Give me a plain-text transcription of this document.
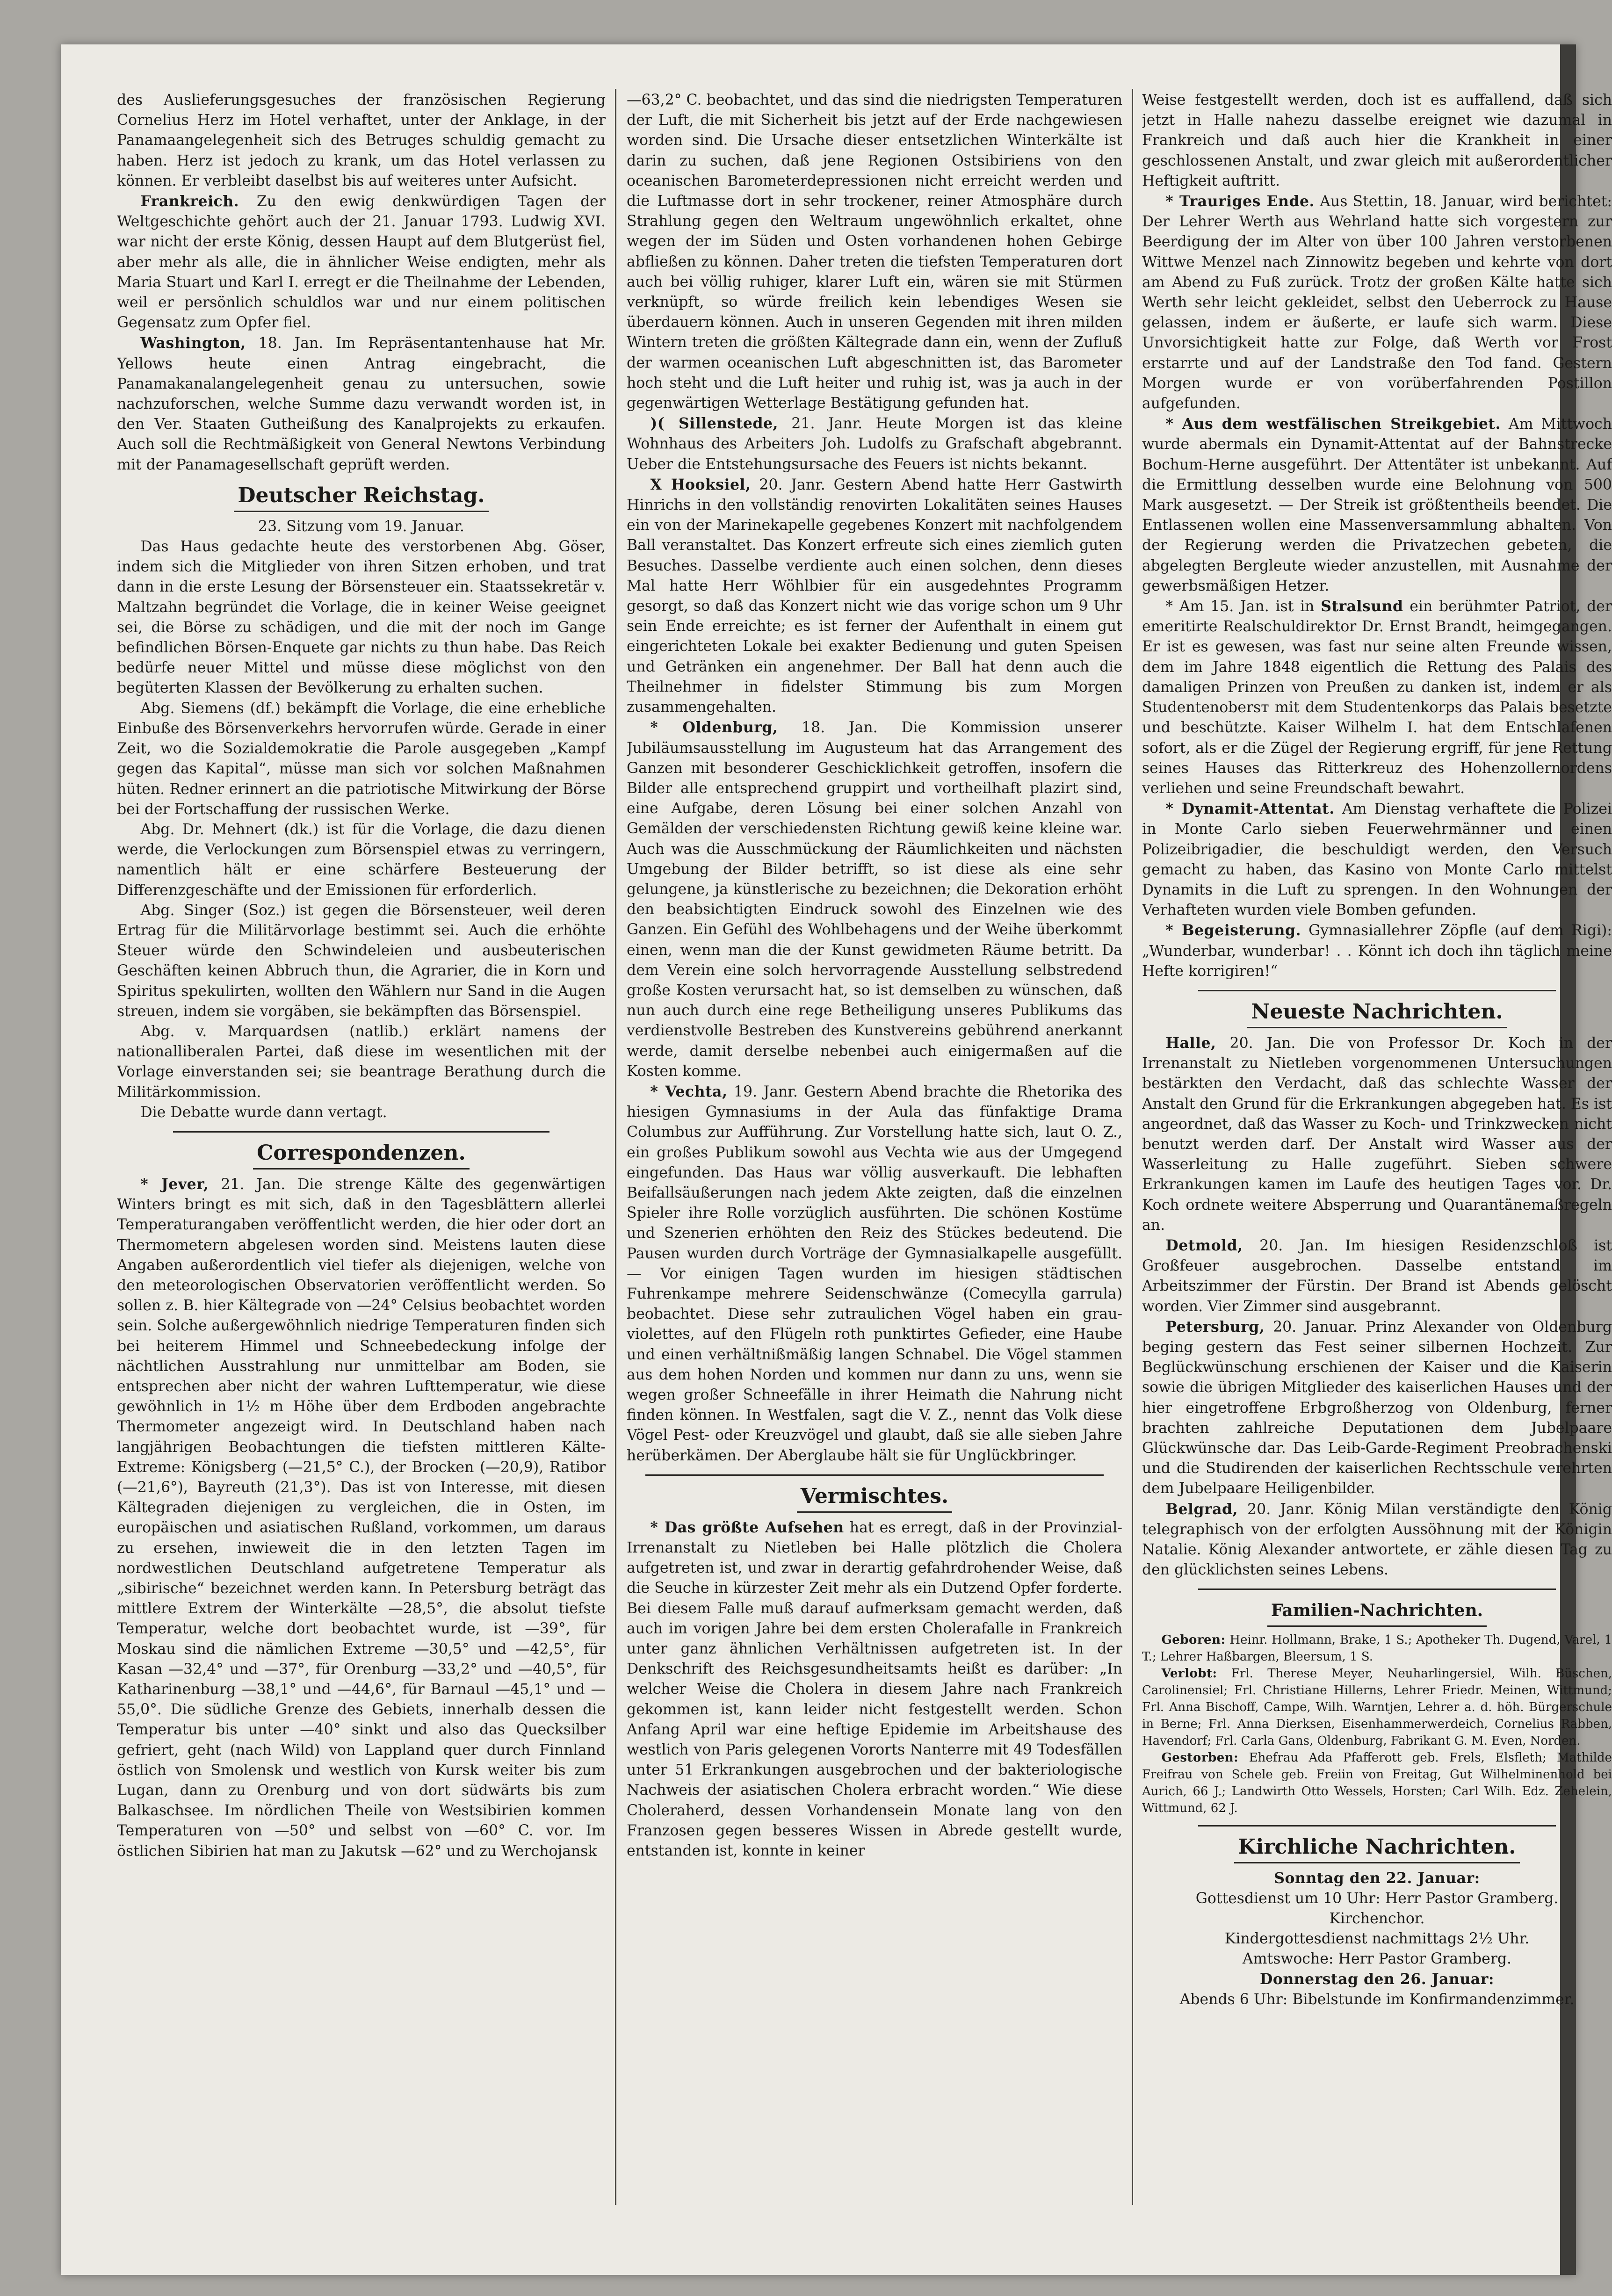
des Auslieferungsgesuches der französischen Regierung Cornelius Herz im Hotel verhaftet, unter der Anklage, in der Panamaangelegenheit sich des Betruges schuldig gemacht zu haben. Herz ist jedoch zu krank, um das Hotel verlassen zu können. Er verbleibt daselbst bis auf weiteres unter Aufsicht.

Frankreich. Zu den ewig denkwürdigen Tagen der Weltgeschichte gehört auch der 21. Januar 1793. Ludwig XVI. war nicht der erste König, dessen Haupt auf dem Blutgerüst fiel, aber mehr als alle, die in ähnlicher Weise endigten, mehr als Maria Stuart und Karl I. erregt er die Theilnahme der Lebenden, weil er persönlich schuldlos war und nur einem politischen Gegensatz zum Opfer fiel.

Washington, 18. Jan. Im Repräsentantenhause hat Mr. Yellows heute einen Antrag eingebracht, die Panamakanalangelegenheit genau zu untersuchen, sowie nachzuforschen, welche Summe dazu verwandt worden ist, in den Ver. Staaten Gutheißung des Kanalprojekts zu erkaufen. Auch soll die Rechtmäßigkeit von General Newtons Verbindung mit der Panamagesellschaft geprüft werden.

Deutscher Reichstag.

23. Sitzung vom 19. Januar.

Das Haus gedachte heute des verstorbenen Abg. Göser, indem sich die Mitglieder von ihren Sitzen erhoben, und trat dann in die erste Lesung der Börsensteuer ein. Staatssekretär v. Maltzahn begründet die Vorlage, die in keiner Weise geeignet sei, die Börse zu schädigen, und die mit der noch im Gange befindlichen Börsen-Enquete gar nichts zu thun habe. Das Reich bedürfe neuer Mittel und müsse diese möglichst von den begüterten Klassen der Bevölkerung zu erhalten suchen.

Abg. Siemens (df.) bekämpft die Vorlage, die eine erhebliche Einbuße des Börsenverkehrs hervorrufen würde. Gerade in einer Zeit, wo die Sozialdemokratie die Parole ausgegeben „Kampf gegen das Kapital“, müsse man sich vor solchen Maßnahmen hüten. Redner erinnert an die patriotische Mitwirkung der Börse bei der Fortschaffung der russischen Werke.

Abg. Dr. Mehnert (dk.) ist für die Vorlage, die dazu dienen werde, die Verlockungen zum Börsenspiel etwas zu verringern, namentlich hält er eine schärfere Besteuerung der Differenzgeschäfte und der Emissionen für erforderlich.

Abg. Singer (Soz.) ist gegen die Börsensteuer, weil deren Ertrag für die Militärvorlage bestimmt sei. Auch die erhöhte Steuer würde den Schwindeleien und ausbeuterischen Geschäften keinen Abbruch thun, die Agrarier, die in Korn und Spiritus spekulirten, wollten den Wählern nur Sand in die Augen streuen, indem sie vorgäben, sie bekämpften das Börsenspiel.

Abg. v. Marquardsen (natlib.) erklärt namens der nationalliberalen Partei, daß diese im wesentlichen mit der Vorlage einverstanden sei; sie beantrage Berathung durch die Militärkommission.

Die Debatte wurde dann vertagt.

Correspondenzen.

* Jever, 21. Jan. Die strenge Kälte des gegenwärtigen Winters bringt es mit sich, daß in den Tagesblättern allerlei Temperaturangaben veröffentlicht werden, die hier oder dort an Thermometern abgelesen worden sind. Meistens lauten diese Angaben außerordentlich viel tiefer als diejenigen, welche von den meteorologischen Observatorien veröffentlicht werden. So sollen z. B. hier Kältegrade von —24° Celsius beobachtet worden sein. Solche außergewöhnlich niedrige Temperaturen finden sich bei heiterem Himmel und Schneebedeckung infolge der nächtlichen Ausstrahlung nur unmittelbar am Boden, sie entsprechen aber nicht der wahren Lufttemperatur, wie diese gewöhnlich in 1½ m Höhe über dem Erdboden angebrachte Thermometer angezeigt wird. In Deutschland haben nach langjährigen Beobachtungen die tiefsten mittleren Kälte-Extreme: Königsberg (—21,5° C.), der Brocken (—20,9), Ratibor (—21,6°), Bayreuth (21,3°). Das ist von Interesse, mit diesen Kältegraden diejenigen zu vergleichen, die in Osten, im europäischen und asiatischen Rußland, vorkommen, um daraus zu ersehen, inwieweit die in den letzten Tagen im nordwestlichen Deutschland aufgetretene Temperatur als „sibirische“ bezeichnet werden kann. In Petersburg beträgt das mittlere Extrem der Winterkälte —28,5°, die absolut tiefste Temperatur, welche dort beobachtet wurde, ist —39°, für Moskau sind die nämlichen Extreme —30,5° und —42,5°, für Kasan —32,4° und —37°, für Orenburg —33,2° und —40,5°, für Katharinenburg —38,1° und —44,6°, für Barnaul —45,1° und —55,0°. Die südliche Grenze des Gebiets, innerhalb dessen die Temperatur bis unter —40° sinkt und also das Quecksilber gefriert, geht (nach Wild) von Lappland quer durch Finnland östlich von Smolensk und westlich von Kursk weiter bis zum Lugan, dann zu Orenburg und von dort südwärts bis zum Balkaschsee. Im nördlichen Theile von Westsibirien kommen Temperaturen von —50° und selbst von —60° C. vor. Im östlichen Sibirien hat man zu Jakutsk —62° und zu Werchojansk

—63,2° C. beobachtet, und das sind die niedrigsten Temperaturen der Luft, die mit Sicherheit bis jetzt auf der Erde nachgewiesen worden sind. Die Ursache dieser entsetzlichen Winterkälte ist darin zu suchen, daß jene Regionen Ostsibiriens von den oceanischen Barometerdepressionen nicht erreicht werden und die Luftmasse dort in sehr trockener, reiner Atmosphäre durch Strahlung gegen den Weltraum ungewöhnlich erkaltet, ohne wegen der im Süden und Osten vorhandenen hohen Gebirge abfließen zu können. Daher treten die tiefsten Temperaturen dort auch bei völlig ruhiger, klarer Luft ein, wären sie mit Stürmen verknüpft, so würde freilich kein lebendiges Wesen sie überdauern können. Auch in unseren Gegenden mit ihren milden Wintern treten die größten Kältegrade dann ein, wenn der Zufluß der warmen oceanischen Luft abgeschnitten ist, das Barometer hoch steht und die Luft heiter und ruhig ist, was ja auch in der gegenwärtigen Wetterlage Bestätigung gefunden hat.

)( Sillenstede, 21. Janr. Heute Morgen ist das kleine Wohnhaus des Arbeiters Joh. Ludolfs zu Grafschaft abgebrannt. Ueber die Entstehungsursache des Feuers ist nichts bekannt.

X Hooksiel, 20. Janr. Gestern Abend hatte Herr Gastwirth Hinrichs in den vollständig renovirten Lokalitäten seines Hauses ein von der Marinekapelle gegebenes Konzert mit nachfolgendem Ball veranstaltet. Das Konzert erfreute sich eines ziemlich guten Besuches. Dasselbe verdiente auch einen solchen, denn dieses Mal hatte Herr Wöhlbier für ein ausgedehntes Programm gesorgt, so daß das Konzert nicht wie das vorige schon um 9 Uhr sein Ende erreichte; es ist ferner der Aufenthalt in einem gut eingerichteten Lokale bei exakter Bedienung und guten Speisen und Getränken ein angenehmer. Der Ball hat denn auch die Theilnehmer in fidelster Stimmung bis zum Morgen zusammengehalten.

* Oldenburg, 18. Jan. Die Kommission unserer Jubiläumsausstellung im Augusteum hat das Arrangement des Ganzen mit besonderer Geschicklichkeit getroffen, insofern die Bilder alle entsprechend gruppirt und vortheilhaft plazirt sind, eine Aufgabe, deren Lösung bei einer solchen Anzahl von Gemälden der verschiedensten Richtung gewiß keine kleine war. Auch was die Ausschmückung der Räumlichkeiten und nächsten Umgebung der Bilder betrifft, so ist diese als eine sehr gelungene, ja künstlerische zu bezeichnen; die Dekoration erhöht den beabsichtigten Eindruck sowohl des Einzelnen wie des Ganzen. Ein Gefühl des Wohlbehagens und der Weihe überkommt einen, wenn man die der Kunst gewidmeten Räume betritt. Da dem Verein eine solch hervorragende Ausstellung selbstredend große Kosten verursacht hat, so ist demselben zu wünschen, daß nun auch durch eine rege Betheiligung unseres Publikums das verdienstvolle Bestreben des Kunstvereins gebührend anerkannt werde, damit derselbe nebenbei auch einigermaßen auf die Kosten komme.

* Vechta, 19. Janr. Gestern Abend brachte die Rhetorika des hiesigen Gymnasiums in der Aula das fünfaktige Drama Columbus zur Aufführung. Zur Vorstellung hatte sich, laut O. Z., ein großes Publikum sowohl aus Vechta wie aus der Umgegend eingefunden. Das Haus war völlig ausverkauft. Die lebhaften Beifallsäußerungen nach jedem Akte zeigten, daß die einzelnen Spieler ihre Rolle vorzüglich ausführten. Die schönen Kostüme und Szenerien erhöhten den Reiz des Stückes bedeutend. Die Pausen wurden durch Vorträge der Gymnasialkapelle ausgefüllt. — Vor einigen Tagen wurden im hiesigen städtischen Fuhrenkampe mehrere Seidenschwänze (Comecylla garrula) beobachtet. Diese sehr zutraulichen Vögel haben ein grau-violettes, auf den Flügeln roth punktirtes Gefieder, eine Haube und einen verhältnißmäßig langen Schnabel. Die Vögel stammen aus dem hohen Norden und kommen nur dann zu uns, wenn sie wegen großer Schneefälle in ihrer Heimath die Nahrung nicht finden können. In Westfalen, sagt die V. Z., nennt das Volk diese Vögel Pest- oder Kreuzvögel und glaubt, daß sie alle sieben Jahre herüberkämen. Der Aberglaube hält sie für Unglückbringer.

Vermischtes.

* Das größte Aufsehen hat es erregt, daß in der Provinzial-Irrenanstalt zu Nietleben bei Halle plötzlich die Cholera aufgetreten ist, und zwar in derartig gefahrdrohender Weise, daß die Seuche in kürzester Zeit mehr als ein Dutzend Opfer forderte. Bei diesem Falle muß darauf aufmerksam gemacht werden, daß auch im vorigen Jahre bei dem ersten Cholerafalle in Frankreich unter ganz ähnlichen Verhältnissen aufgetreten ist. In der Denkschrift des Reichsgesundheitsamts heißt es darüber: „In welcher Weise die Cholera in diesem Jahre nach Frankreich gekommen ist, kann leider nicht festgestellt werden. Schon Anfang April war eine heftige Epidemie im Arbeitshause des westlich von Paris gelegenen Vororts Nanterre mit 49 Todesfällen unter 51 Erkrankungen ausgebrochen und der bakteriologische Nachweis der asiatischen Cholera erbracht worden.“ Wie diese Choleraherd, dessen Vorhandensein Monate lang von den Franzosen gegen besseres Wissen in Abrede gestellt wurde, entstanden ist, konnte in keiner

Weise festgestellt werden, doch ist es auffallend, daß sich jetzt in Halle nahezu dasselbe ereignet wie dazumal in Frankreich und daß auch hier die Krankheit in einer geschlossenen Anstalt, und zwar gleich mit außerordentlicher Heftigkeit auftritt.

* Trauriges Ende. Aus Stettin, 18. Januar, wird berichtet: Der Lehrer Werth aus Wehrland hatte sich vorgestern zur Beerdigung der im Alter von über 100 Jahren verstorbenen Wittwe Menzel nach Zinnowitz begeben und kehrte von dort am Abend zu Fuß zurück. Trotz der großen Kälte hatte sich Werth sehr leicht gekleidet, selbst den Ueberrock zu Hause gelassen, indem er äußerte, er laufe sich warm. Diese Unvorsichtigkeit hatte zur Folge, daß Werth vor Frost erstarrte und auf der Landstraße den Tod fand. Gestern Morgen wurde er von vorüberfahrenden Postillon aufgefunden.

* Aus dem westfälischen Streikgebiet. Am Mittwoch wurde abermals ein Dynamit-Attentat auf der Bahnstrecke Bochum-Herne ausgeführt. Der Attentäter ist unbekannt. Auf die Ermittlung desselben wurde eine Belohnung von 500 Mark ausgesetzt. — Der Streik ist größtentheils beendet. Die Entlassenen wollen eine Massenversammlung abhalten. Von der Regierung werden die Privatzechen gebeten, die abgelegten Bergleute wieder anzustellen, mit Ausnahme der gewerbsmäßigen Hetzer.

* Am 15. Jan. ist in Stralsund ein berühmter Patriot, der emeritirte Realschuldirektor Dr. Ernst Brandt, heimgegangen. Er ist es gewesen, was fast nur seine alten Freunde wissen, dem im Jahre 1848 eigentlich die Rettung des Palais des damaligen Prinzen von Preußen zu danken ist, indem er als Studentenobersт mit dem Studentenkorps das Palais besetzte und beschützte. Kaiser Wilhelm I. hat dem Entschlafenen sofort, als er die Zügel der Regierung ergriff, für jene Rettung seines Hauses das Ritterkreuz des Hohenzollernordens verliehen und seine Freundschaft bewahrt.

* Dynamit-Attentat. Am Dienstag verhaftete die Polizei in Monte Carlo sieben Feuerwehrmänner und einen Polizeibrigadier, die beschuldigt werden, den Versuch gemacht zu haben, das Kasino von Monte Carlo mittelst Dynamits in die Luft zu sprengen. In den Wohnungen der Verhafteten wurden viele Bomben gefunden.

* Begeisterung. Gymnasiallehrer Zöpfle (auf dem Rigi): „Wunderbar, wunderbar! . . Könnt ich doch ihn täglich meine Hefte korrigiren!“

Neueste Nachrichten.

Halle, 20. Jan. Die von Professor Dr. Koch in der Irrenanstalt zu Nietleben vorgenommenen Untersuchungen bestärkten den Verdacht, daß das schlechte Wasser der Anstalt den Grund für die Erkrankungen abgegeben hat. Es ist angeordnet, daß das Wasser zu Koch- und Trinkzwecken nicht benutzt werden darf. Der Anstalt wird Wasser aus der Wasserleitung zu Halle zugeführt. Sieben schwere Erkrankungen kamen im Laufe des heutigen Tages vor. Dr. Koch ordnete weitere Absperrung und Quarantänemaßregeln an.

Detmold, 20. Jan. Im hiesigen Residenzschloß ist Großfeuer ausgebrochen. Dasselbe entstand im Arbeitszimmer der Fürstin. Der Brand ist Abends gelöscht worden. Vier Zimmer sind ausgebrannt.

Petersburg, 20. Januar. Prinz Alexander von Oldenburg beging gestern das Fest seiner silbernen Hochzeit. Zur Beglückwünschung erschienen der Kaiser und die Kaiserin sowie die übrigen Mitglieder des kaiserlichen Hauses und der hier eingetroffene Erbgroßherzog von Oldenburg, ferner brachten zahlreiche Deputationen dem Jubelpaare Glückwünsche dar. Das Leib-Garde-Regiment Preobrachenski und die Studirenden der kaiserlichen Rechtsschule verehrten dem Jubelpaare Heiligenbilder.

Belgrad, 20. Janr. König Milan verständigte den König telegraphisch von der erfolgten Aussöhnung mit der Königin Natalie. König Alexander antwortete, er zähle diesen Tag zu den glücklichsten seines Lebens.

Familien-Nachrichten.

Geboren: Heinr. Hollmann, Brake, 1 S.; Apotheker Th. Dugend, Varel, 1 T.; Lehrer Haßbargen, Bleersum, 1 S.

Verlobt: Frl. Therese Meyer, Neuharlingersiel, Wilh. Büschen, Carolinensiel; Frl. Christiane Hillerns, Lehrer Friedr. Meinen, Wittmund; Frl. Anna Bischoff, Campe, Wilh. Warntjen, Lehrer a. d. höh. Bürgerschule in Berne; Frl. Anna Dierksen, Eisenhammerwerdeich, Cornelius Rabben, Havendorf; Frl. Carla Gans, Oldenburg, Fabrikant G. M. Even, Norden.

Gestorben: Ehefrau Ada Pfafferott geb. Frels, Elsfleth; Mathilde Freifrau von Schele geb. Freiin von Freitag, Gut Wilhelminenhold bei Aurich, 66 J.; Landwirth Otto Wessels, Horsten; Carl Wilh. Edz. Zehelein, Wittmund, 62 J.

Kirchliche Nachrichten.

Sonntag den 22. Januar:

Gottesdienst um 10 Uhr: Herr Pastor Gramberg.

Kirchenchor.

Kindergottesdienst nachmittags 2½ Uhr.

Amtswoche: Herr Pastor Gramberg.

Donnerstag den 26. Januar:

Abends 6 Uhr: Bibelstunde im Konfirmandenzimmer.
